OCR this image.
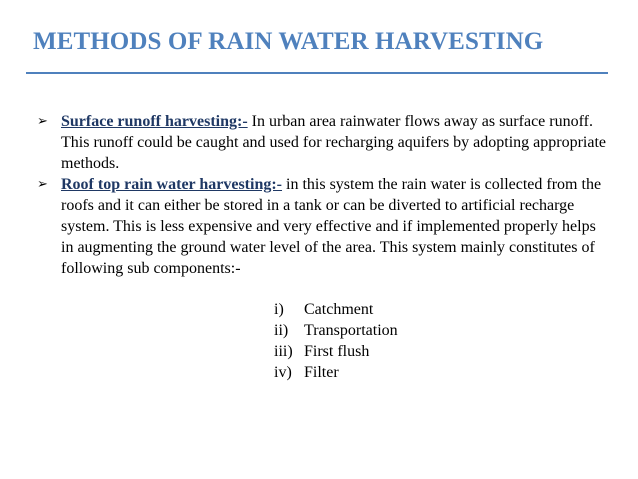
METHODS OF RAIN WATER HARVESTING
➢ Surface runoff harvesting:- In urban area rainwater flows away as surface runoff. This runoff could be caught and used for recharging aquifers by adopting appropriate methods.
➢ Roof top rain water harvesting:- in this system the rain water is collected from the roofs and it can either be stored in a tank or can be diverted to artificial recharge system. This is less expensive and very effective and if implemented properly helps in augmenting the ground water level of the area. This system mainly constitutes of following sub components:-
i) Catchment
ii) Transportation
iii) First flush
iv) Filter
